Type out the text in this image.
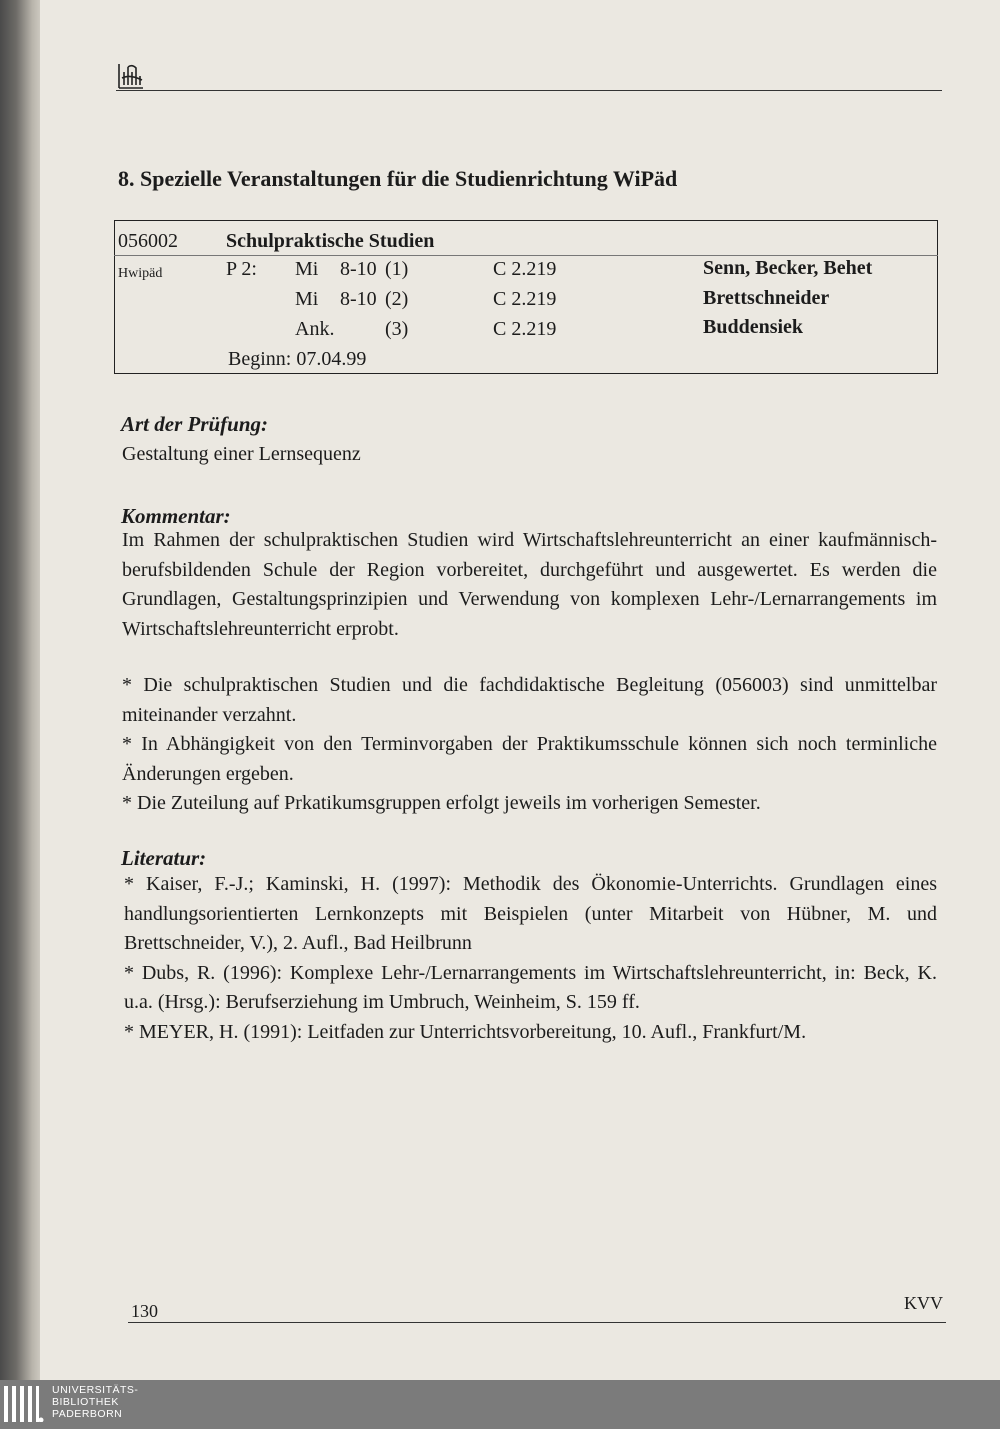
8. Spezielle Veranstaltungen für die Studienrichtung WiPäd
056002 Schulpraktische Studien
Hwipäd	P 2: Mi 8-10 (1)	C 2.219	Senn, Becker, Behet
Mi 8-10 (2)	C 2.219	Brettschneider
Ank.	(3)	C 2.219	Buddensiek
Beginn: 07.04.99
Art der Prüfung:
Gestaltung einer Lernsequenz
Kommentar:

Im Rahmen der schulpraktischen Studien wird Wirtschaftslehreunterricht an einer kaufmännisch-berufsbildenden Schule der Region vorbereitet, durchgeführt und ausgewertet. Es werden die Grundlagen, Gestaltungsprinzipien und Verwendung von komplexen Lehr-/Lernarrangements im Wirtschaftslehreunterricht erprobt.

* Die schulpraktischen Studien und die fachdidaktische Begleitung (056003) sind unmittelbar miteinander verzahnt.

* In Abhängigkeit von den Terminvorgaben der Praktikumsschule können sich noch terminliche Änderungen ergeben.

* Die Zuteilung auf Prkatikumsgruppen erfolgt jeweils im vorherigen Semester.

Literatur:

* Kaiser, F.-J.; Kaminski, H. (1997): Methodik des Ökonomie-Unterrichts. Grundlagen eines handlungsorientierten Lernkonzepts mit Beispielen (unter Mitarbeit von Hübner, M. und Brettschneider, V.), 2. Aufl., Bad Heilbrunn

* Dubs, R. (1996): Komplexe Lehr-/Lernarrangements im Wirtschaftslehreunterricht, in: Beck, K. u.a. (Hrsg.): Berufserziehung im Umbruch, Weinheim, S. 159 ff.

* MEYER, H. (1991): Leitfaden zur Unterrichtsvorbereitung, 10. Aufl., Frankfurt/M.

130	KVV
UNIVERSITÄTS-
BIBLIOTHEK
PADERBORN
